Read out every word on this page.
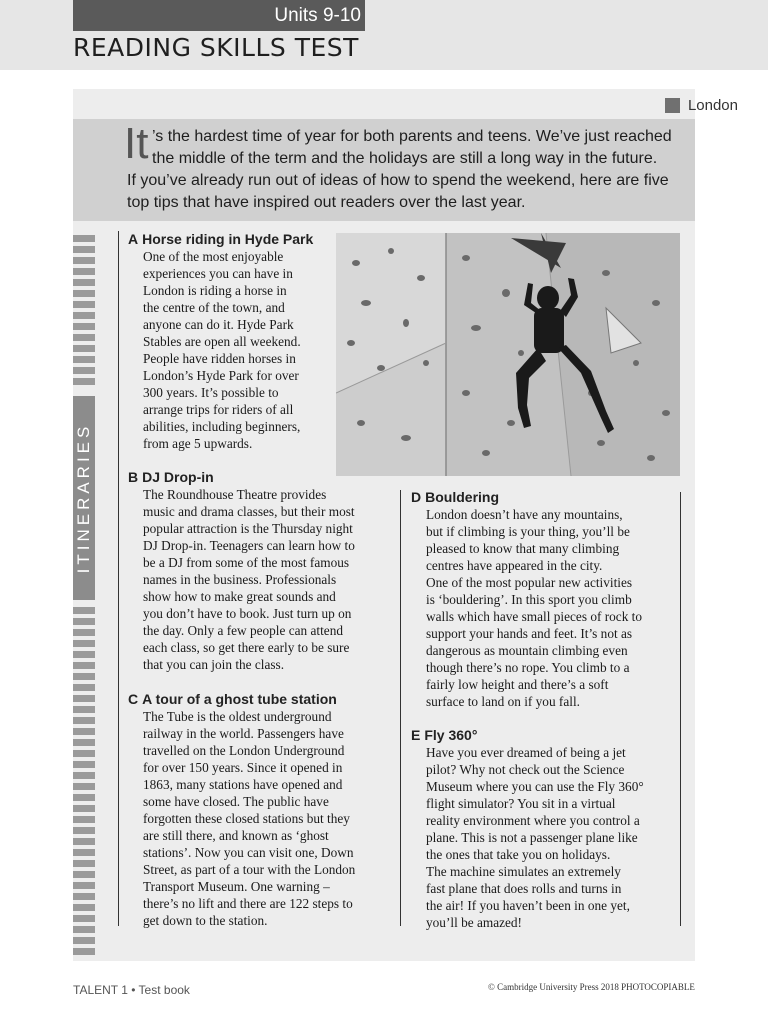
Units 9-10
READING SKILLS TEST
London
It ’s the hardest time of year for both parents and teens. We’ve just reached
the middle of the term and the holidays are still a long way in the future.
If you’ve already run out of ideas of how to spend the weekend, here are five
top tips that have inspired out readers over the last year.
ITINERARIES
A Horse riding in Hyde Park
One of the most enjoyable
experiences you can have in
London is riding a horse in
the centre of the town, and
anyone can do it. Hyde Park
Stables are open all weekend.
People have ridden horses in
London’s Hyde Park for over
300 years. It’s possible to
arrange trips for riders of all
abilities, including beginners,
from age 5 upwards.
B DJ Drop-in
The Roundhouse Theatre provides
music and drama classes, but their most
popular attraction is the Thursday night
DJ Drop-in. Teenagers can learn how to
be a DJ from some of the most famous
names in the business. Professionals
show how to make great sounds and
you don’t have to book. Just turn up on
the day. Only a few people can attend
each class, so get there early to be sure
that you can join the class.
C A tour of a ghost tube station
The Tube is the oldest underground
railway in the world. Passengers have
travelled on the London Underground
for over 150 years. Since it opened in
1863, many stations have opened and
some have closed. The public have
forgotten these closed stations but they
are still there, and known as ‘ghost
stations’. Now you can visit one, Down
Street, as part of a tour with the London
Transport Museum. One warning –
there’s no lift and there are 122 steps to
get down to the station.
D Bouldering
London doesn’t have any mountains,
but if climbing is your thing, you’ll be
pleased to know that many climbing
centres have appeared in the city.
One of the most popular new activities
is ‘bouldering’. In this sport you climb
walls which have small pieces of rock to
support your hands and feet. It’s not as
dangerous as mountain climbing even
though there’s no rope. You climb to a
fairly low height and there’s a soft
surface to land on if you fall.
E Fly 360°
Have you ever dreamed of being a jet
pilot? Why not check out the Science
Museum where you can use the Fly 360°
flight simulator? You sit in a virtual
reality environment where you control a
plane. This is not a passenger plane like
the ones that take you on holidays.
The machine simulates an extremely
fast plane that does rolls and turns in
the air! If you haven’t been in one yet,
you’ll be amazed!
TALENT 1 • Test book	© Cambridge University Press 2018 PHOTOCOPIABLE
